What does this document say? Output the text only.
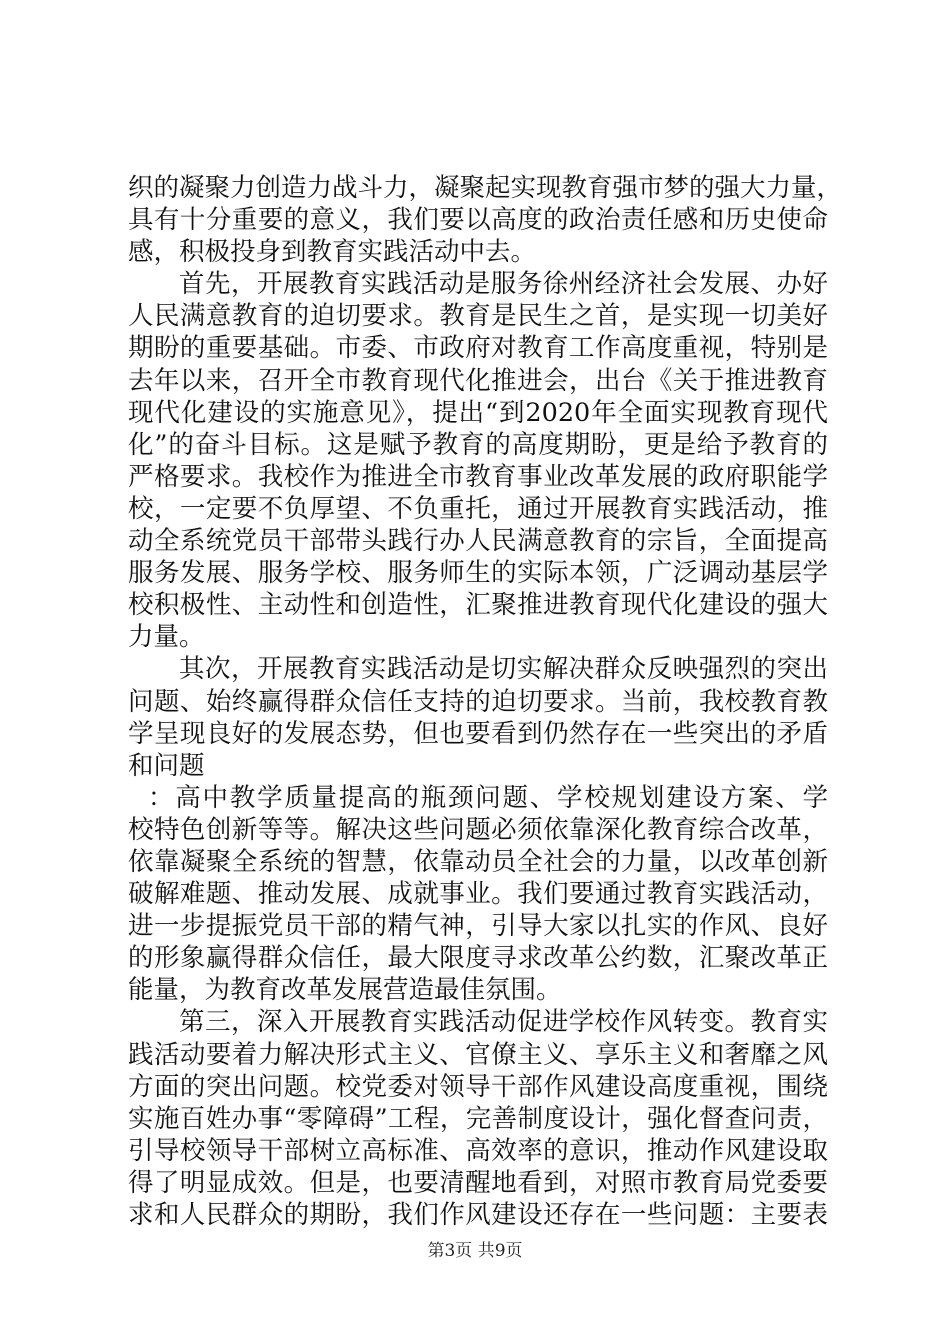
织的凝聚力创造力战斗力，凝聚起实现教育强市梦的强大力量，
具有十分重要的意义，我们要以高度的政治责任感和历史使命
感，积极投身到教育实践活动中去。
首先，开展教育实践活动是服务徐州经济社会发展、办好
人民满意教育的迫切要求。教育是民生之首，是实现一切美好
期盼的重要基础。市委、市政府对教育工作高度重视，特别是
去年以来，召开全市教育现代化推进会，出台《关于推进教育
现代化建设的实施意见》，提出“到2020年全面实现教育现代
化”的奋斗目标。这是赋予教育的高度期盼，更是给予教育的
严格要求。我校作为推进全市教育事业改革发展的政府职能学
校，一定要不负厚望、不负重托，通过开展教育实践活动，推
动全系统党员干部带头践行办人民满意教育的宗旨，全面提高
服务发展、服务学校、服务师生的实际本领，广泛调动基层学
校积极性、主动性和创造性，汇聚推进教育现代化建设的强大
力量。
其次，开展教育实践活动是切实解决群众反映强烈的突出
问题、始终赢得群众信任支持的迫切要求。当前，我校教育教
学呈现良好的发展态势，但也要看到仍然存在一些突出的矛盾
和问题
：高中教学质量提高的瓶颈问题、学校规划建设方案、学
校特色创新等等。解决这些问题必须依靠深化教育综合改革，
依靠凝聚全系统的智慧，依靠动员全社会的力量，以改革创新
破解难题、推动发展、成就事业。我们要通过教育实践活动，
进一步提振党员干部的精气神，引导大家以扎实的作风、良好
的形象赢得群众信任，最大限度寻求改革公约数，汇聚改革正
能量，为教育改革发展营造最佳氛围。
第三，深入开展教育实践活动促进学校作风转变。教育实
践活动要着力解决形式主义、官僚主义、享乐主义和奢靡之风
方面的突出问题。校党委对领导干部作风建设高度重视，围绕
实施百姓办事“零障碍”工程，完善制度设计，强化督查问责，
引导校领导干部树立高标准、高效率的意识，推动作风建设取
得了明显成效。但是，也要清醒地看到，对照市教育局党委要
求和人民群众的期盼，我们作风建设还存在一些问题：主要表
第3页 共9页
